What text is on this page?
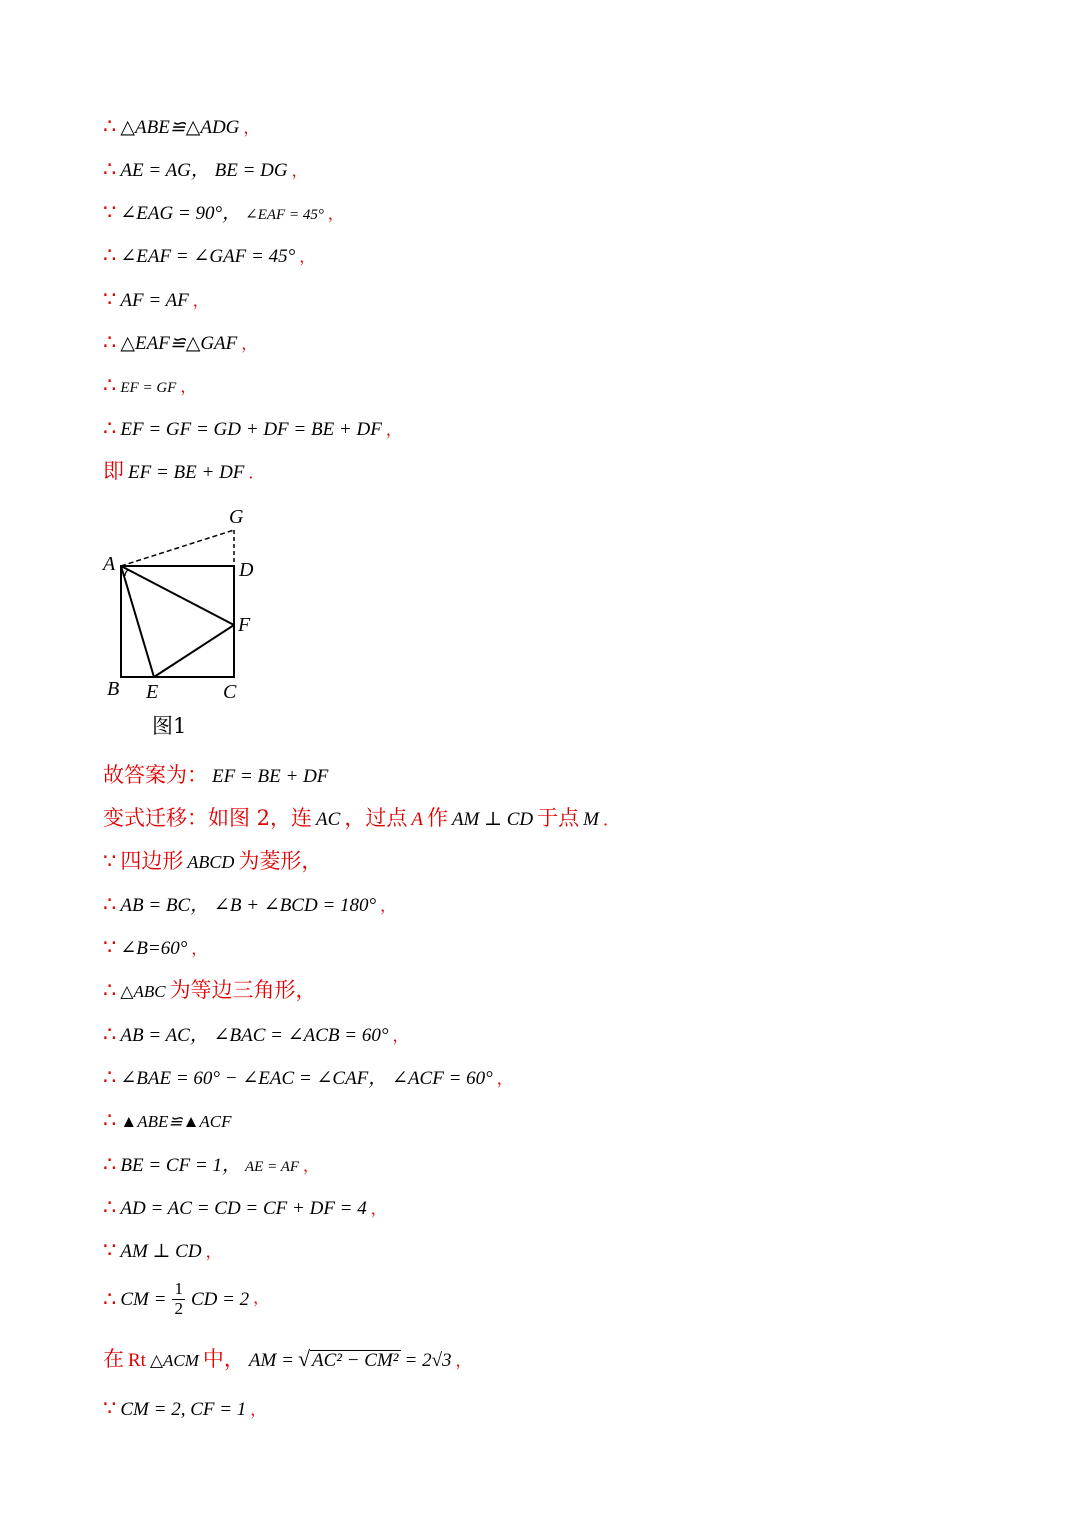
∴ △ABE≌△ADG ，
∴ AE = AG， BE = DG ，
∵ ∠EAG = 90°， ∠EAF = 45° ，
∴ ∠EAF = ∠GAF = 45° ，
∵ AF = AF ，
∴ △EAF≌△GAF ，
∴ EF = GF ，
∴ EF = GF = GD + DF = BE + DF ，
即 EF = BE + DF ．
A
G
D
F
B E	C
图1
故答案为： EF = BE + DF
变式迁移：如图 2，连 AC ，过点 A 作 AM ⊥ CD 于点 M ．
∵ 四边形 ABCD 为菱形，
∴ AB = BC， ∠B + ∠BCD = 180° ，
∵ ∠B=60° ，
∴ △ABC 为等边三角形，
∴ AB = AC， ∠BAC = ∠ACB = 60° ，
∴ ∠BAE = 60° − ∠EAC = ∠CAF， ∠ACF = 60° ，
∴ ▲ABE≌▲ACF
∴ BE = CF = 1， AE = AF ，
∴ AD = AC = CD = CF + DF = 4 ，
∵ AM ⊥ CD ，
∴ CM = $\frac{1}{2}$ CD = 2 ，
在 Rt △ACM 中， AM = √ AC² − CM² = 2√3 ，
∵ CM = 2, CF = 1 ，
